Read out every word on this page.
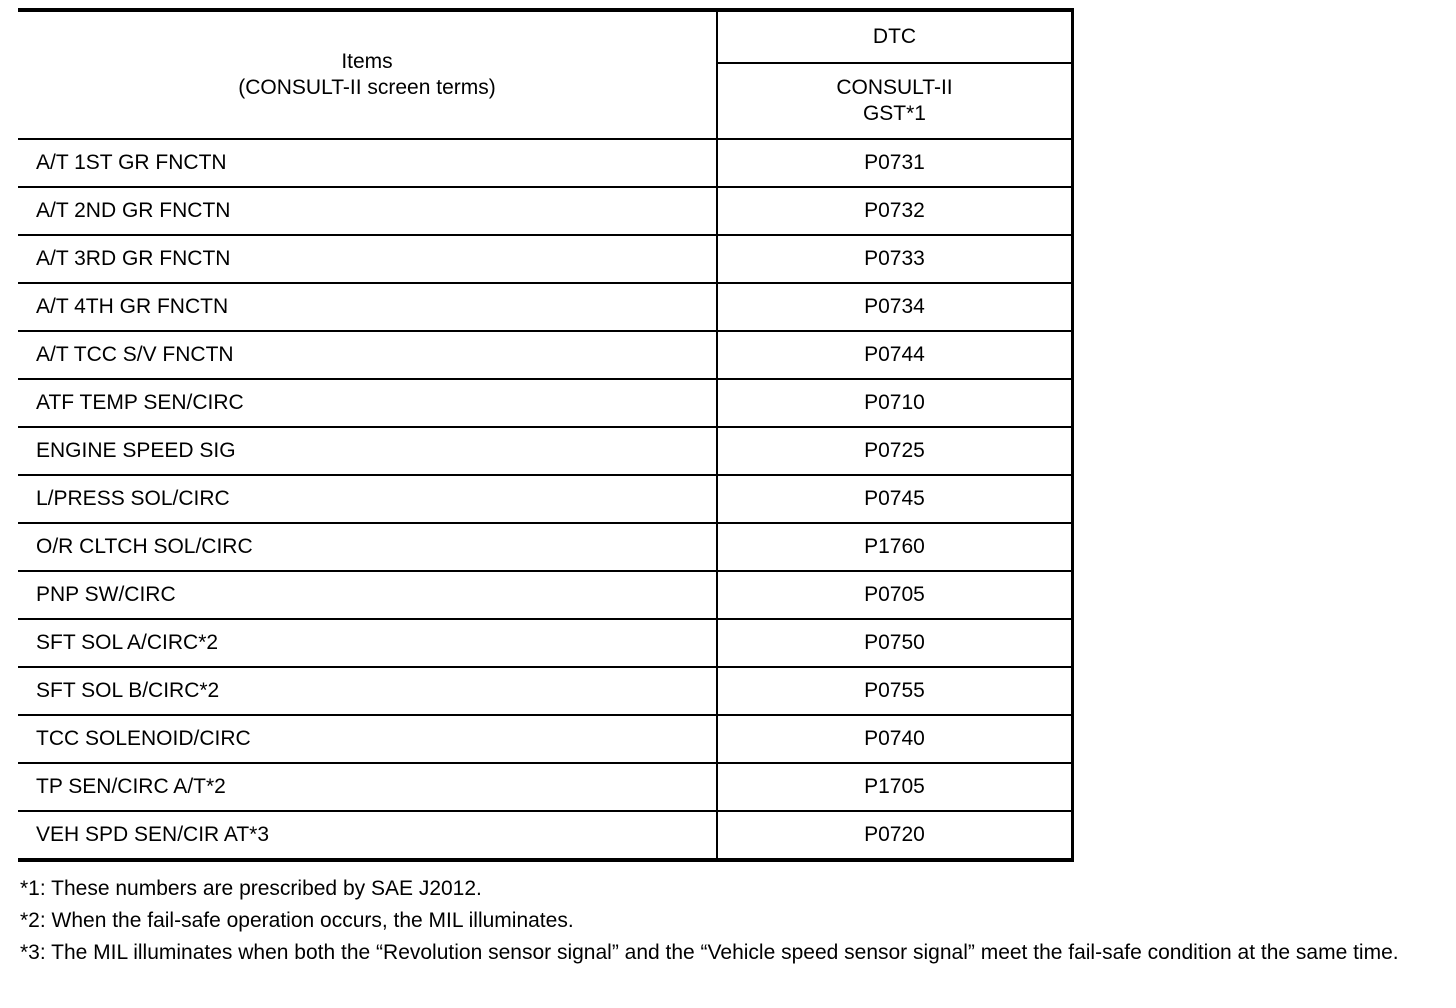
Items
(CONSULT-II screen terms)	DTC

	CONSULT-II
GST*1

A/T 1ST GR FNCTN	P0731
A/T 2ND GR FNCTN	P0732
A/T 3RD GR FNCTN	P0733
A/T 4TH GR FNCTN	P0734
A/T TCC S/V FNCTN	P0744
ATF TEMP SEN/CIRC	P0710
ENGINE SPEED SIG	P0725
L/PRESS SOL/CIRC	P0745
O/R CLTCH SOL/CIRC	P1760
PNP SW/CIRC	P0705
SFT SOL A/CIRC*2	P0750
SFT SOL B/CIRC*2	P0755
TCC SOLENOID/CIRC	P0740
TP SEN/CIRC A/T*2	P1705
VEH SPD SEN/CIR AT*3	P0720

*1: These numbers are prescribed by SAE J2012.

*2: When the fail-safe operation occurs, the MIL illuminates.

*3: The MIL illuminates when both the “Revolution sensor signal” and the “Vehicle speed sensor signal” meet the fail-safe condition at the same time.
